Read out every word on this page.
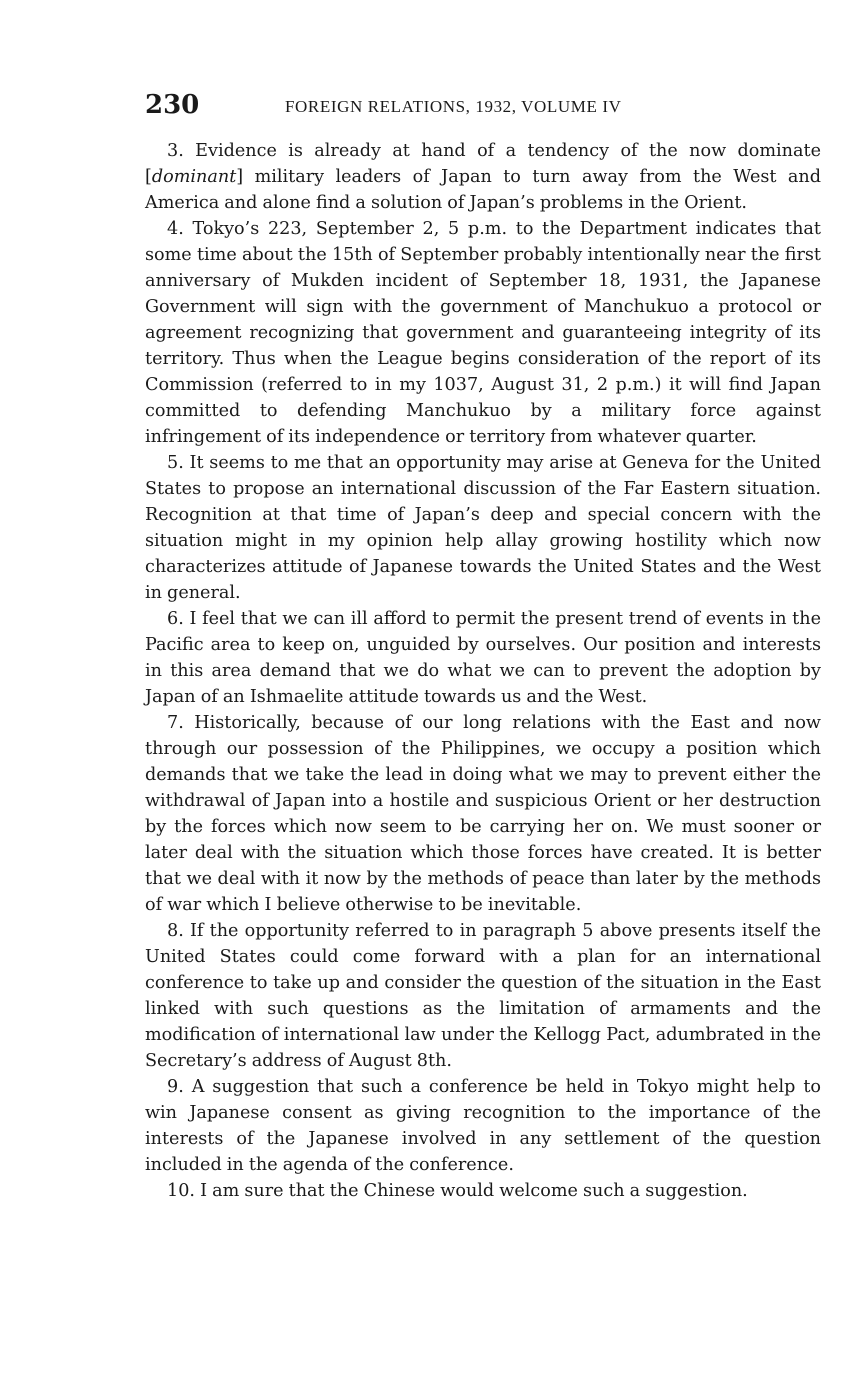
230	FOREIGN RELATIONS, 1932, VOLUME IV

3. Evidence is already at hand of a tendency of the now dominate [dominant] military leaders of Japan to turn away from the West and America and alone find a solution of Japan’s problems in the Orient.

4. Tokyo’s 223, September 2, 5 p.m. to the Department indicates that some time about the 15th of September probably intentionally near the first anniversary of Mukden incident of September 18, 1931, the Japanese Government will sign with the government of Manchukuo a protocol or agreement recognizing that government and guaranteeing integrity of its territory. Thus when the League begins consideration of the report of its Commission (referred to in my 1037, August 31, 2 p.m.) it will find Japan committed to defending Manchukuo by a military force against infringement of its independence or territory from whatever quarter.

5. It seems to me that an opportunity may arise at Geneva for the United States to propose an international discussion of the Far Eastern situation. Recognition at that time of Japan’s deep and special concern with the situation might in my opinion help allay growing hostility which now characterizes attitude of Japanese towards the United States and the West in general.

6. I feel that we can ill afford to permit the present trend of events in the Pacific area to keep on, unguided by ourselves. Our position and interests in this area demand that we do what we can to prevent the adoption by Japan of an Ishmaelite attitude towards us and the West.

7. Historically, because of our long relations with the East and now through our possession of the Philippines, we occupy a position which demands that we take the lead in doing what we may to prevent either the withdrawal of Japan into a hostile and suspicious Orient or her destruction by the forces which now seem to be carrying her on. We must sooner or later deal with the situation which those forces have created. It is better that we deal with it now by the methods of peace than later by the methods of war which I believe otherwise to be inevitable.

8. If the opportunity referred to in paragraph 5 above presents itself the United States could come forward with a plan for an international conference to take up and consider the question of the situation in the East linked with such questions as the limitation of armaments and the modification of international law under the Kellogg Pact, adumbrated in the Secretary’s address of August 8th.

9. A suggestion that such a conference be held in Tokyo might help to win Japanese consent as giving recognition to the importance of the interests of the Japanese involved in any settlement of the question included in the agenda of the conference.

10. I am sure that the Chinese would welcome such a suggestion.
